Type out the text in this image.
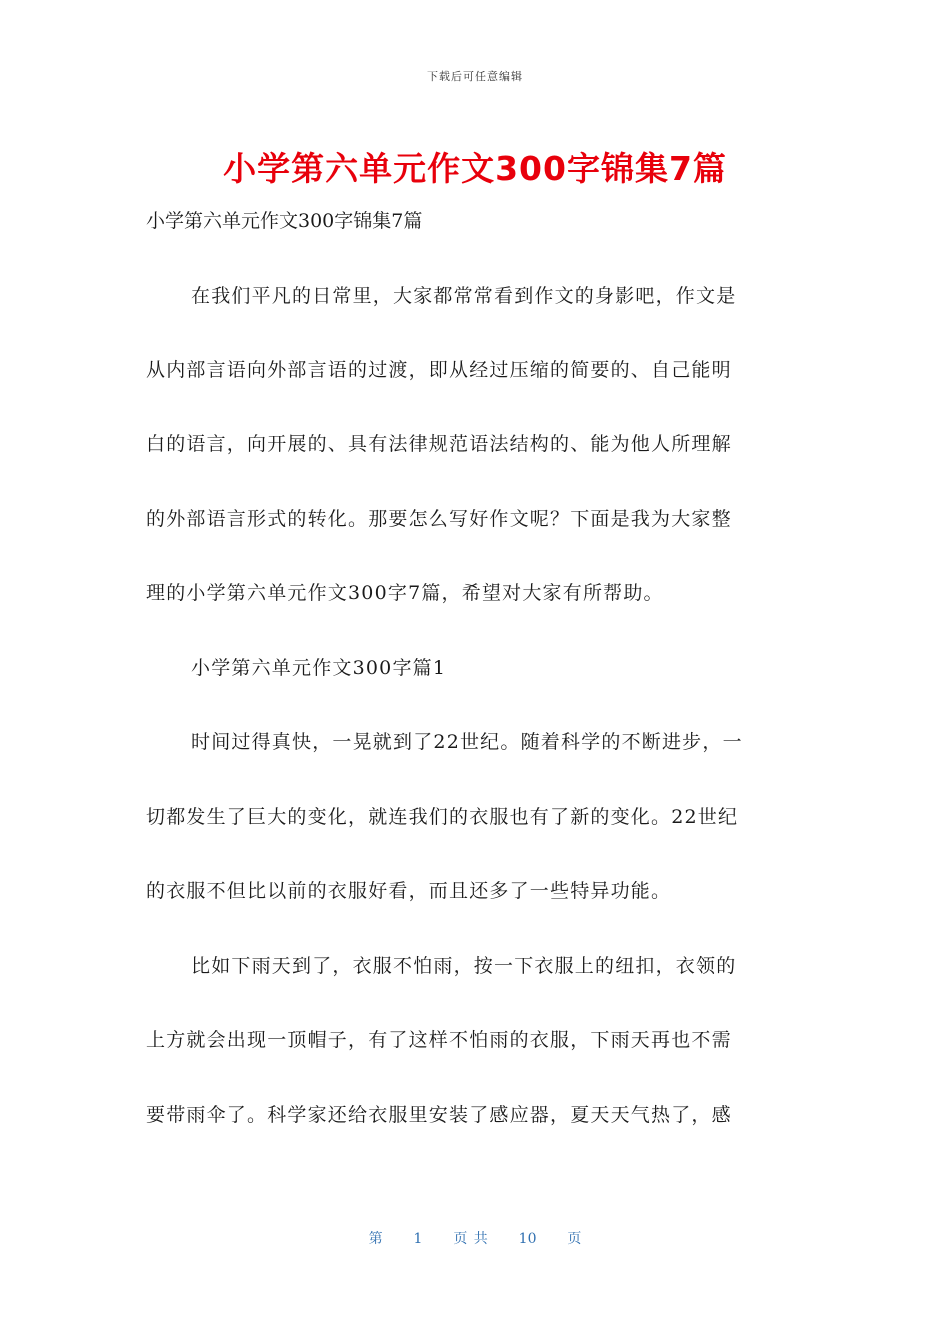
下载后可任意编辑
小学第六单元作文300字锦集7篇
小学第六单元作文300字锦集7篇
在我们平凡的日常里，大家都常常看到作文的身影吧，作文是
从内部言语向外部言语的过渡，即从经过压缩的简要的、自己能明
白的语言，向开展的、具有法律规范语法结构的、能为他人所理解
的外部语言形式的转化。那要怎么写好作文呢？下面是我为大家整
理的小学第六单元作文300字7篇，希望对大家有所帮助。
小学第六单元作文300字篇1
时间过得真快，一晃就到了22世纪。随着科学的不断进步，一
切都发生了巨大的变化，就连我们的衣服也有了新的变化。22世纪
的衣服不但比以前的衣服好看，而且还多了一些特异功能。
比如下雨天到了，衣服不怕雨，按一下衣服上的纽扣，衣领的
上方就会出现一顶帽子，有了这样不怕雨的衣服，下雨天再也不需
要带雨伞了。科学家还给衣服里安装了感应器，夏天天气热了，感
第 1 页 共 10 页
